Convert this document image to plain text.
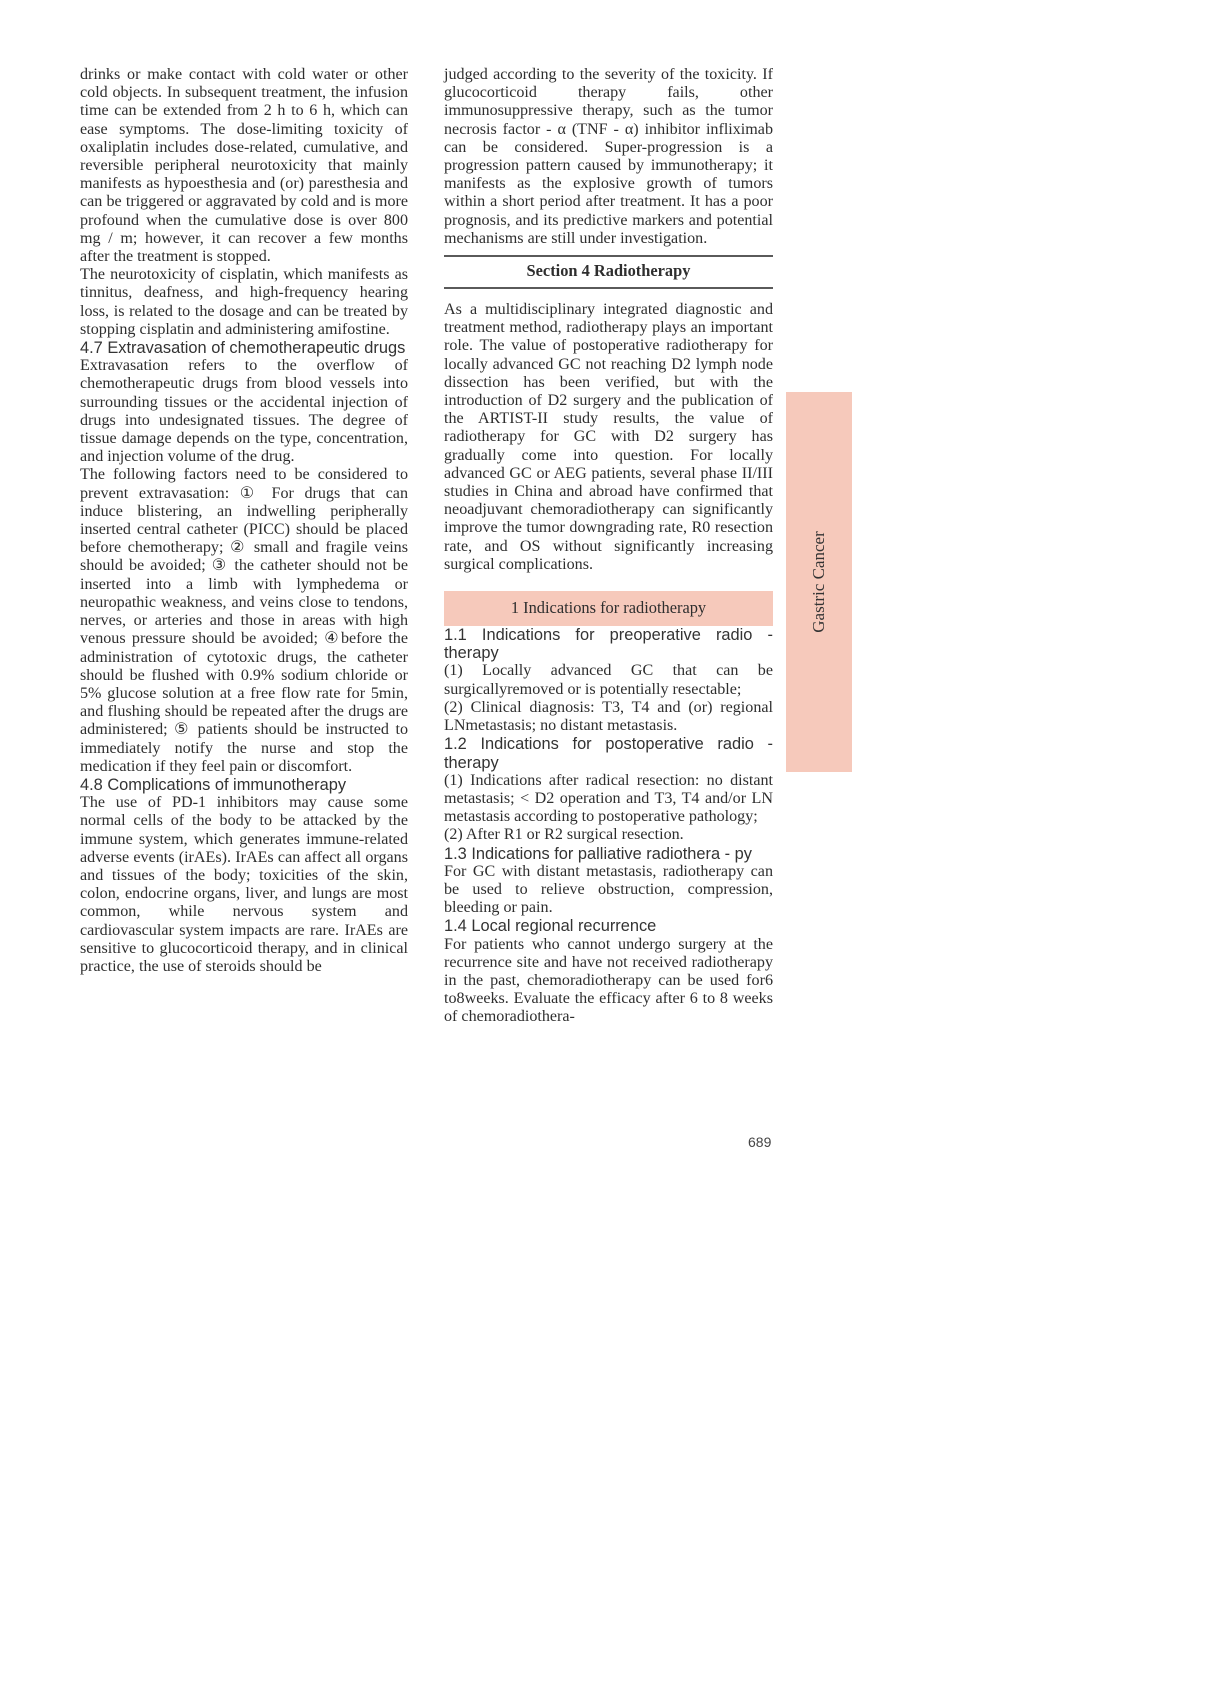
drinks or make contact with cold water or other cold objects. In subsequent treatment, the infusion time can be extended from 2 h to 6 h, which can ease symptoms. The dose-limiting toxicity of oxaliplatin includes dose-related, cumulative, and reversible peripheral neurotoxicity that mainly manifests as hypoesthesia and (or) paresthesia and can be triggered or aggravated by cold and is more profound when the cumulative dose is over 800 mg / m; however, it can recover a few months after the treatment is stopped.

The neurotoxicity of cisplatin, which manifests as tinnitus, deafness, and high-frequency hearing loss, is related to the dosage and can be treated by stopping cisplatin and administering amifostine.

4.7 Extravasation of chemotherapeutic drugs

Extravasation refers to the overflow of chemotherapeutic drugs from blood vessels into surrounding tissues or the accidental injection of drugs into undesignated tissues. The degree of tissue damage depends on the type, concentration, and injection volume of the drug.

The following factors need to be considered to prevent extravasation: ① For drugs that can induce blistering, an indwelling peripherally inserted central catheter (PICC) should be placed before chemotherapy; ② small and fragile veins should be avoided; ③ the catheter should not be inserted into a limb with lymphedema or neuropathic weakness, and veins close to tendons, nerves, or arteries and those in areas with high venous pressure should be avoided; ④before the administration of cytotoxic drugs, the catheter should be flushed with 0.9% sodium chloride or 5% glucose solution at a free flow rate for 5min, and flushing should be repeated after the drugs are administered; ⑤ patients should be instructed to immediately notify the nurse and stop the medication if they feel pain or discomfort.

4.8 Complications of immunotherapy

The use of PD-1 inhibitors may cause some normal cells of the body to be attacked by the immune system, which generates immune-related adverse events (irAEs). IrAEs can affect all organs and tissues of the body; toxicities of the skin, colon, endocrine organs, liver, and lungs are most common, while nervous system and cardiovascular system impacts are rare. IrAEs are sensitive to glucocorticoid therapy, and in clinical practice, the use of steroids should be

judged according to the severity of the toxicity. If glucocorticoid therapy fails, other immunosuppressive therapy, such as the tumor necrosis factor - α (TNF - α) inhibitor infliximab can be considered. Super-progression is a progression pattern caused by immunotherapy; it manifests as the explosive growth of tumors within a short period after treatment. It has a poor prognosis, and its predictive markers and potential mechanisms are still under investigation.

Section 4 Radiotherapy

As a multidisciplinary integrated diagnostic and treatment method, radiotherapy plays an important role. The value of postoperative radiotherapy for locally advanced GC not reaching D2 lymph node dissection has been verified, but with the introduction of D2 surgery and the publication of the ARTIST-II study results, the value of radiotherapy for GC with D2 surgery has gradually come into question. For locally advanced GC or AEG patients, several phase II/III studies in China and abroad have confirmed that neoadjuvant chemoradiotherapy can significantly improve the tumor downgrading rate, R0 resection rate, and OS without significantly increasing surgical complications.

1 Indications for radiotherapy

1.1 Indications for preoperative radio - therapy

(1) Locally advanced GC that can be surgicallyremoved or is potentially resectable;

(2) Clinical diagnosis: T3, T4 and (or) regional LNmetastasis; no distant metastasis.

1.2 Indications for postoperative radio - therapy

(1) Indications after radical resection: no distant metastasis; < D2 operation and T3, T4 and/or LN metastasis according to postoperative pathology;

(2) After R1 or R2 surgical resection.

1.3 Indications for palliative radiothera - py

For GC with distant metastasis, radiotherapy can be used to relieve obstruction, compression, bleeding or pain.

1.4 Local regional recurrence

For patients who cannot undergo surgery at the recurrence site and have not received radiotherapy in the past, chemoradiotherapy can be used for6 to8weeks. Evaluate the efficacy after 6 to 8 weeks of chemoradiothera-

Gastric Cancer
689
